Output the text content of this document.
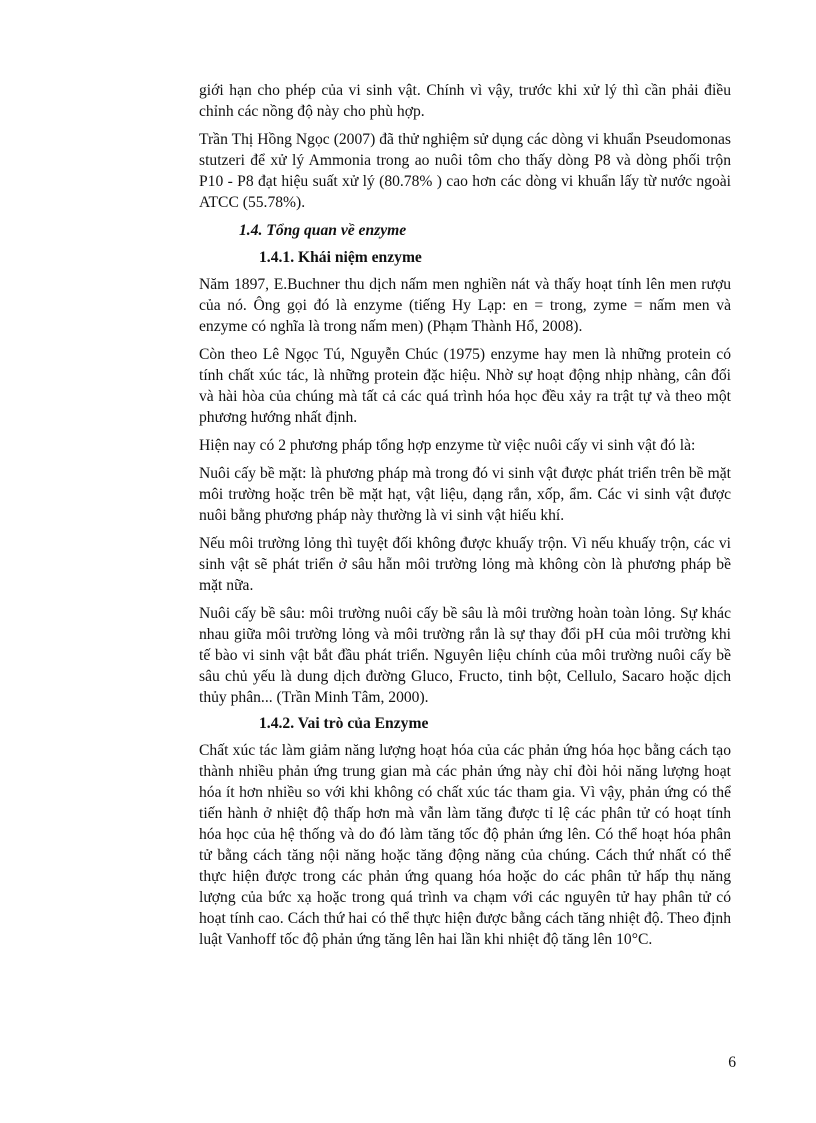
giới hạn cho phép của vi sinh vật. Chính vì vậy, trước khi xử lý thì cần phải điều chỉnh các nồng độ này cho phù hợp.

Trần Thị Hồng Ngọc (2007) đã thử nghiệm sử dụng các dòng vi khuẩn Pseudomonas stutzeri để xử lý Ammonia trong ao nuôi tôm cho thấy dòng P8 và dòng phối trộn P10 - P8 đạt hiệu suất xử lý (80.78% ) cao hơn các dòng vi khuẩn lấy từ nước ngoài ATCC (55.78%).

1.4. Tổng quan về enzyme
1.4.1. Khái niệm enzyme

Năm 1897, E.Buchner thu dịch nấm men nghiền nát và thấy hoạt tính lên men rượu của nó. Ông gọi đó là enzyme (tiếng Hy Lạp: en = trong, zyme = nấm men và enzyme có nghĩa là trong nấm men) (Phạm Thành Hổ, 2008).

Còn theo Lê Ngọc Tú, Nguyễn Chúc (1975) enzyme hay men là những protein có tính chất xúc tác, là những protein đặc hiệu. Nhờ sự hoạt động nhịp nhàng, cân đối và hài hòa của chúng mà tất cả các quá trình hóa học đều xảy ra trật tự và theo một phương hướng nhất định.

Hiện nay có 2 phương pháp tổng hợp enzyme từ việc nuôi cấy vi sinh vật đó là:

Nuôi cấy bề mặt: là phương pháp mà trong đó vi sinh vật được phát triển trên bề mặt môi trường hoặc trên bề mặt hạt, vật liệu, dạng rắn, xốp, ẩm. Các vi sinh vật được nuôi bằng phương pháp này thường là vi sinh vật hiếu khí.

Nếu môi trường lỏng thì tuyệt đối không được khuấy trộn. Vì nếu khuấy trộn, các vi sinh vật sẽ phát triển ở sâu hẵn môi trường lỏng mà không còn là phương pháp bề mặt nữa.

Nuôi cấy bề sâu: môi trường nuôi cấy bề sâu là môi trường hoàn toàn lỏng. Sự khác nhau giữa môi trường lỏng và môi trường rắn là sự thay đổi pH của môi trường khi tế bào vi sinh vật bắt đầu phát triển. Nguyên liệu chính của môi trường nuôi cấy bề sâu chủ yếu là dung dịch đường Gluco, Fructo, tinh bột, Cellulo, Sacaro hoặc dịch thủy phân... (Trần Minh Tâm, 2000).

1.4.2. Vai trò của Enzyme

Chất xúc tác làm giảm năng lượng hoạt hóa của các phản ứng hóa học bằng cách tạo thành nhiều phản ứng trung gian mà các phản ứng này chỉ đòi hỏi năng lượng hoạt hóa ít hơn nhiều so với khi không có chất xúc tác tham gia. Vì vậy, phản ứng có thể tiến hành ở nhiệt độ thấp hơn mà vẫn làm tăng được tỉ lệ các phân tử có hoạt tính hóa học của hệ thống và do đó làm tăng tốc độ phản ứng lên. Có thể hoạt hóa phân tử bằng cách tăng nội năng hoặc tăng động năng của chúng. Cách thứ nhất có thể thực hiện được trong các phản ứng quang hóa hoặc do các phân tử hấp thụ năng lượng của bức xạ hoặc trong quá trình va chạm với các nguyên tử hay phân tử có hoạt tính cao. Cách thứ hai có thể thực hiện được bằng cách tăng nhiệt độ. Theo định luật Vanhoff tốc độ phản ứng tăng lên hai lần khi nhiệt độ tăng lên 10°C.

6
